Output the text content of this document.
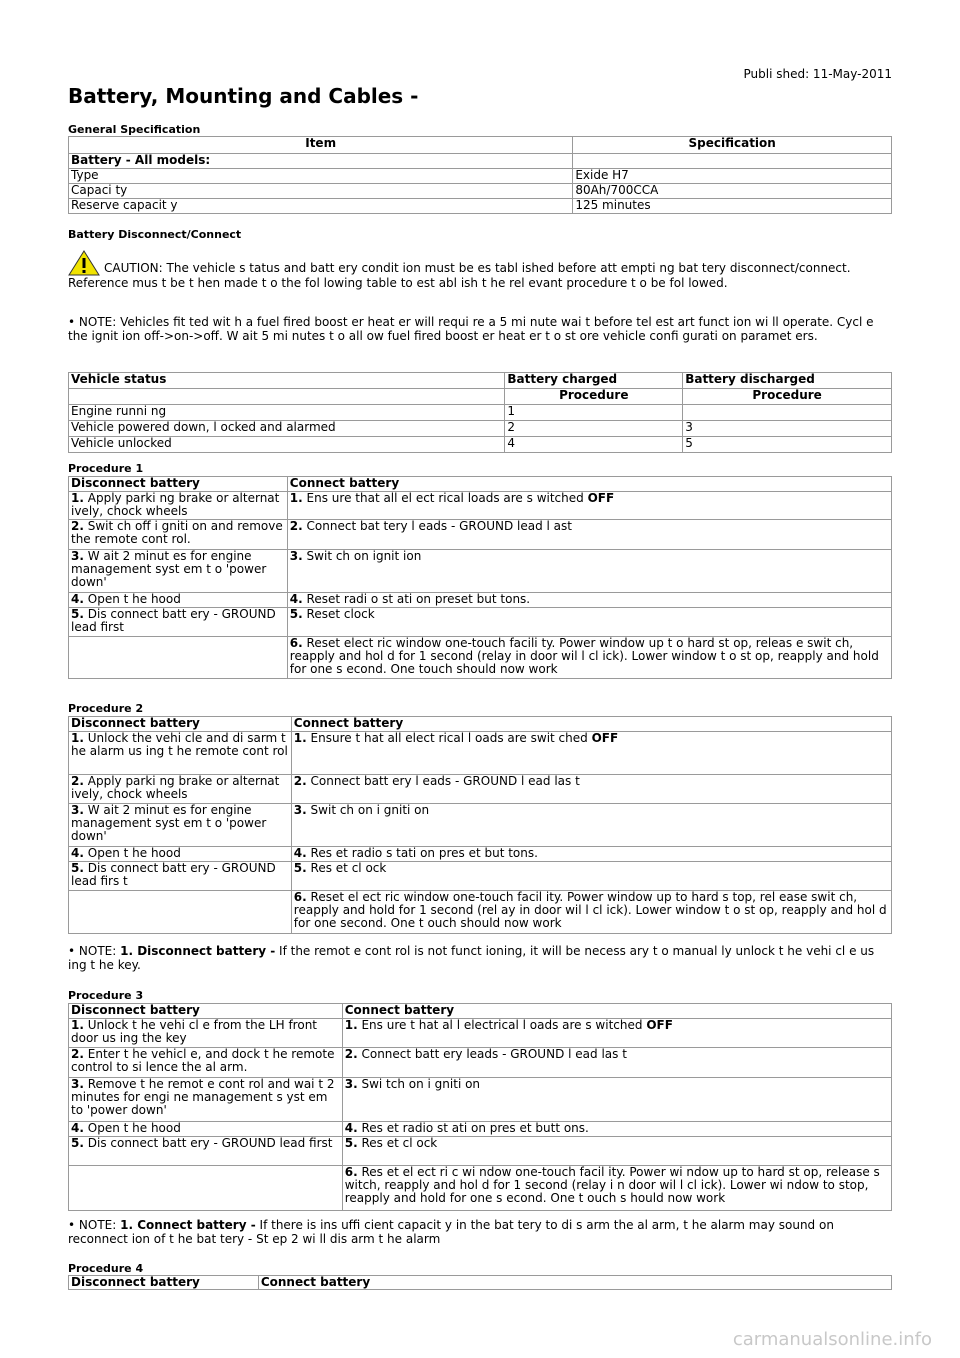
Publi shed: 11-May-2011
Battery, Mounting and Cables -
General Specification
Item	Specification
Battery - All models:	
Type	Exide H7
Capaci ty	80Ah/700CCA
Reserve capacit y	125 minutes
Battery Disconnect/Connect
CAUTION: The vehicle s tatus and batt ery condit ion must be es tabl ished before att empti ng bat tery disconnect/connect. Reference mus t be t hen made t o the fol lowing table to est abl ish t he rel evant procedure t o be fol lowed.
• NOTE: Vehicles fit ted wit h a fuel fired boost er heat er will requi re a 5 mi nute wai t before tel est art funct ion wi ll operate. Cycl e the ignit ion off->on->off. W ait 5 mi nutes t o all ow fuel fired boost er heat er t o st ore vehicle confi gurati on paramet ers.
Vehicle status	Battery charged	Battery discharged
	Procedure	Procedure
Engine runni ng	1	
Vehicle powered down, l ocked and alarmed	2	3
Vehicle unlocked	4	5
Procedure 1
Disconnect battery	Connect battery
1. Apply parki ng brake or alternat ively, chock wheels	1. Ens ure that all el ect rical loads are s witched OFF
2. Swit ch off i gniti on and remove the remote cont rol.	2. Connect bat tery l eads - GROUND lead l ast
3. W ait 2 minut es for engine management syst em t o 'power down'	3. Swit ch on ignit ion
4. Open t he hood	4. Reset radi o st ati on preset but tons.
5. Dis connect batt ery - GROUND lead first	5. Reset clock
	6. Reset elect ric window one-touch facili ty. Power window up t o hard st op, releas e swit ch, reapply and hol d for 1 second (relay in door wil l cl ick). Lower window t o st op, reapply and hold for one s econd. One touch should now work
Procedure 2
Disconnect battery	Connect battery
1. Unlock the vehi cle and di sarm t he alarm us ing t he remote cont rol	1. Ensure t hat all elect rical l oads are swit ched OFF
2. Apply parki ng brake or alternat ively, chock wheels	2. Connect batt ery l eads - GROUND l ead las t
3. W ait 2 minut es for engine management syst em t o 'power down'	3. Swit ch on i gniti on
4. Open t he hood	4. Res et radio s tati on pres et but tons.
5. Dis connect batt ery - GROUND lead firs t	5. Res et cl ock
	6. Reset el ect ric window one-touch facil ity. Power window up to hard s top, rel ease swit ch, reapply and hold for 1 second (rel ay in door wil l cl ick). Lower window t o st op, reapply and hol d for one second. One t ouch should now work
• NOTE: 1. Disconnect battery - If the remot e cont rol is not funct ioning, it will be necess ary t o manual ly unlock t he vehi cl e us ing t he key.
Procedure 3
Disconnect battery	Connect battery
1. Unlock t he vehi cl e from the LH front door us ing the key	1. Ens ure t hat al l electrical l oads are s witched OFF
2. Enter t he vehicl e, and dock t he remote control to si lence the al arm.	2. Connect batt ery leads - GROUND l ead las t
3. Remove t he remot e cont rol and wai t 2 minutes for engi ne management s yst em to 'power down'	3. Swi tch on i gniti on
4. Open t he hood	4. Res et radio st ati on pres et butt ons.
5. Dis connect batt ery - GROUND lead first	5. Res et cl ock
	6. Res et el ect ri c wi ndow one-touch facil ity. Power wi ndow up to hard st op, release s witch, reapply and hol d for 1 second (relay i n door wil l cl ick). Lower wi ndow to stop, reapply and hold for one s econd. One t ouch s hould now work
• NOTE: 1. Connect battery - If there is ins uffi cient capacit y in the bat tery to di s arm the al arm, t he alarm may sound on reconnect ion of t he bat tery - St ep 2 wi ll dis arm t he alarm
Procedure 4
Disconnect battery	Connect battery
carmanualsonline.info
